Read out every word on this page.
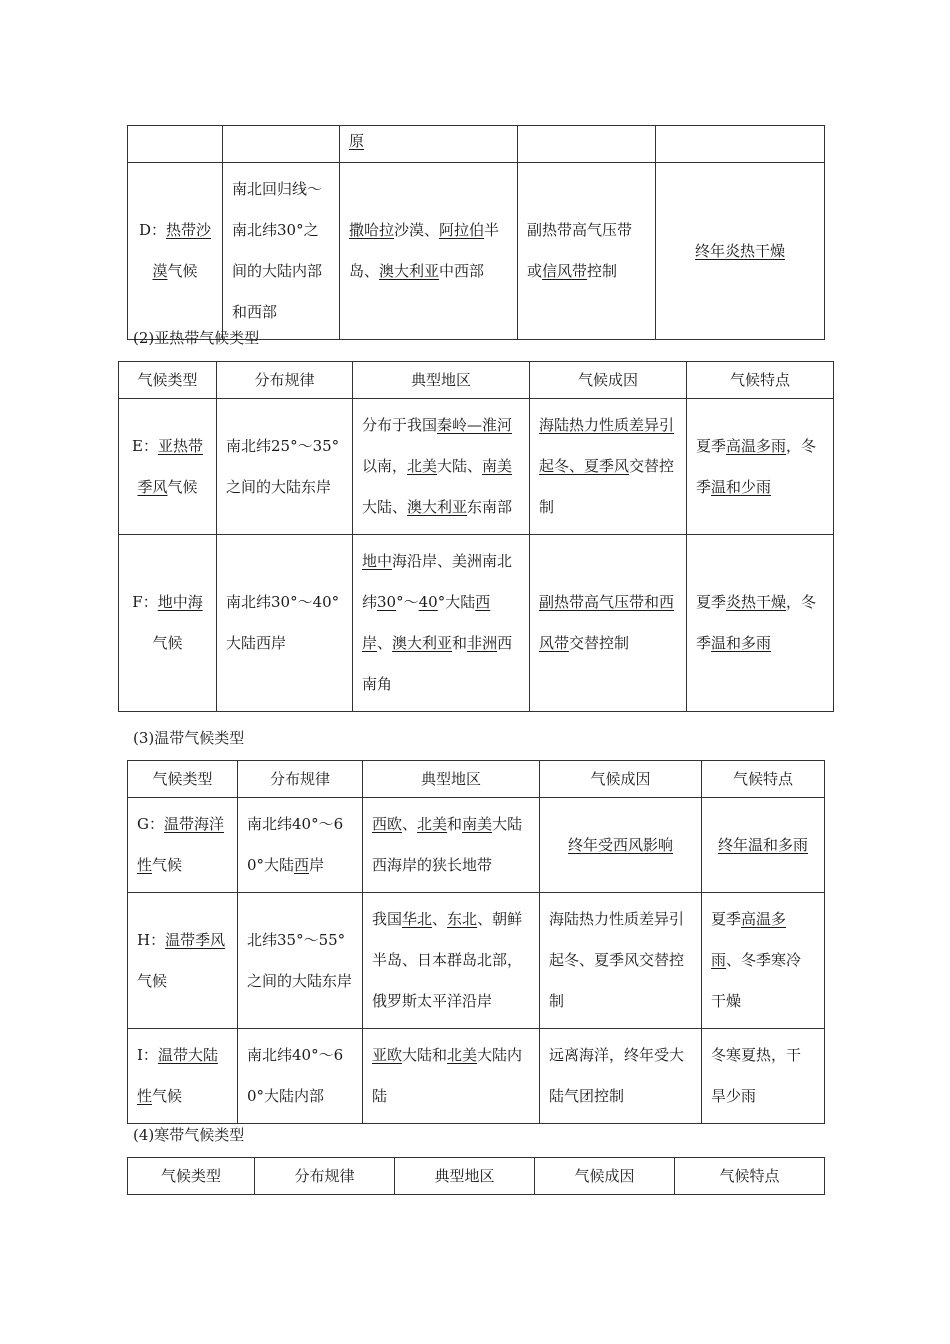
		原		
D：热带沙漠气候	南北回归线～南北纬30°之间的大陆内部和西部	撒哈拉沙漠、阿拉伯半岛、澳大利亚中西部	副热带高气压带或信风带控制	终年炎热干燥
(2)亚热带气候类型
气候类型	分布规律	典型地区	气候成因	气候特点
E：亚热带季风气候	南北纬25°～35°之间的大陆东岸	分布于我国秦岭—淮河以南，北美大陆、南美大陆、澳大利亚东南部	海陆热力性质差异引起冬、夏季风交替控制	夏季高温多雨，冬季温和少雨
F：地中海气候	南北纬30°～40°大陆西岸	地中海沿岸、美洲南北纬30°～40°大陆西岸、澳大利亚和非洲西南角	副热带高气压带和西风带交替控制	夏季炎热干燥，冬季温和多雨
(3)温带气候类型
气候类型	分布规律	典型地区	气候成因	气候特点
G：温带海洋性气候	南北纬40°～60°大陆西岸	西欧、北美和南美大陆西海岸的狭长地带	终年受西风影响	终年温和多雨
H：温带季风气候	北纬35°～55°之间的大陆东岸	我国华北、东北、朝鲜半岛、日本群岛北部，俄罗斯太平洋沿岸	海陆热力性质差异引起冬、夏季风交替控制	夏季高温多雨、冬季寒冷干燥
I：温带大陆性气候	南北纬40°～60°大陆内部	亚欧大陆和北美大陆内陆	远离海洋，终年受大陆气团控制	冬寒夏热，干旱少雨
(4)寒带气候类型
气候类型	分布规律	典型地区	气候成因	气候特点
